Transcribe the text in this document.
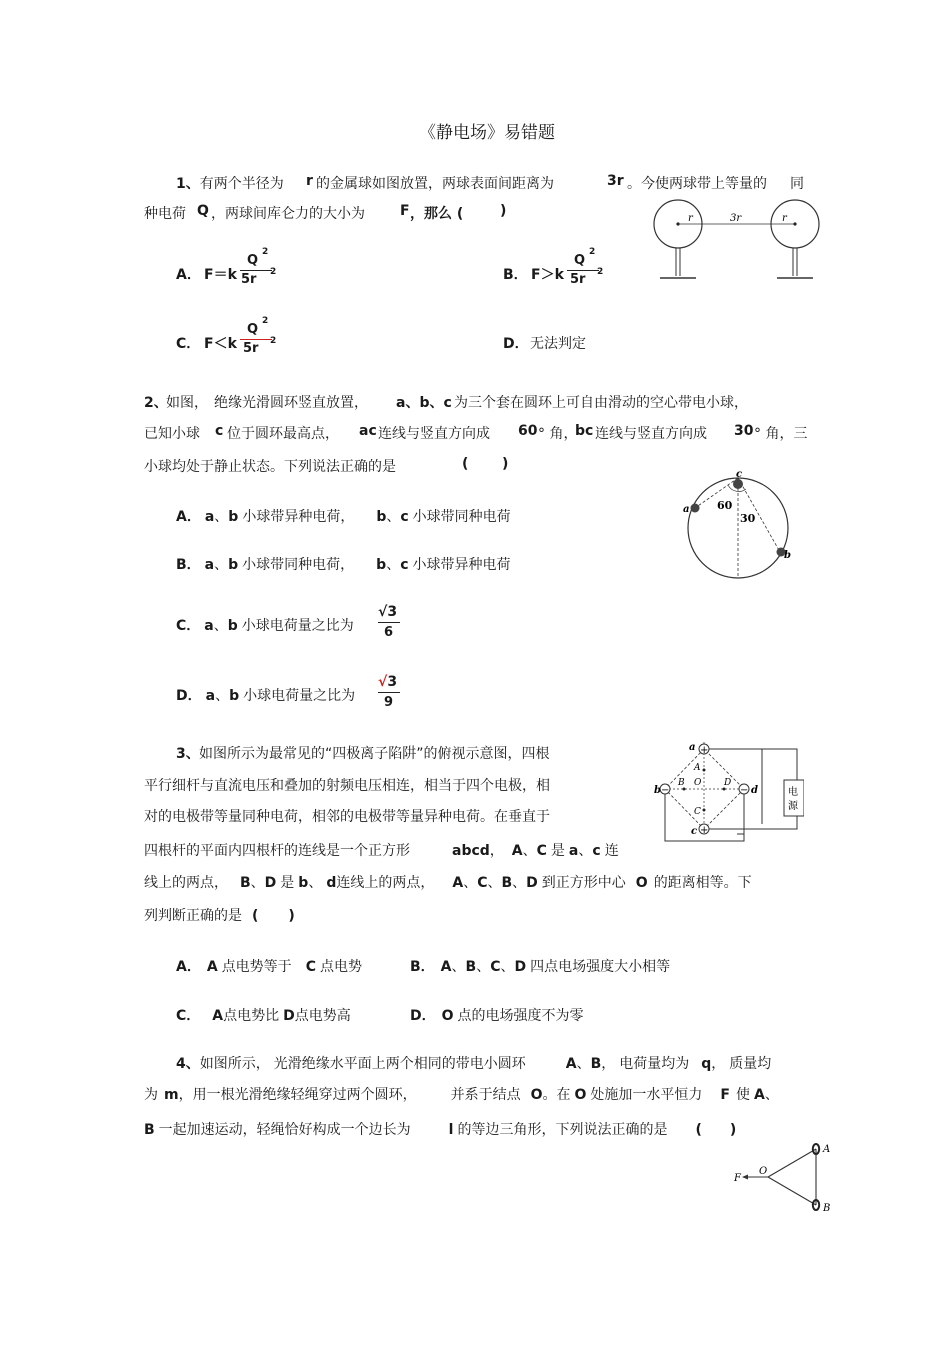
《静电场》易错题
1、有两个半径为 r 的金属球如图放置，两球表面间距离为	3r 。今使两球带上等量的 同
种电荷 Q ，两球间库仑力的大小为	F ，那么 (	)
A． F＝k
Q
2
5r 2	B． F＞k
Q
2
5r 2
C． F＜k
Q
2
5r 2	D． 无法判定
r	r
3r
2、
如图， 绝缘光滑圆环竖直放置， a、b、c 为三个套在圆环上可自由滑动的空心带电小球，
已知小球 c 位于圆环最高点， ac 连线与竖直方向成 60 ° 角，
bc 连线与竖直方向成 30 ° 角，三
小球均处于静止状态。下列说法正确的是	( )
A． a、b 小球带异种电荷， b、c 小球带同种电荷
B． a、b 小球带同种电荷， b、c 小球带异种电荷
C． a、b 小球电荷量之比为
√3
6
D． a、b 小球电荷量之比为
√3
9
c
a
b
60
30
3、 如图所示为最常见的“四极离子陷阱”的俯视示意图，四根
平行细杆与直流电压和叠加的射频电压相连，相当于四个电极，相
对的电极带等量同种电荷，相邻的电极带等量异种电荷。在垂直于
四根杆的平面内四根杆的连线是一个正方形	abcd， A、C 是 a、c 连
线上的两点， B、D 是 b、 d连线上的两点， A、C、B、D 到正方形中心 O 的距离相等。下
列判断正确的是 ( )
A． A 点电势等于 C 点电势	B． A、B、C、D 四点电场强度大小相等
C． A点电势比 D点电势高	D． O 点的电场强度不为零
电
源
+
+
−	−
a
b
c
d
A
B
C
D
O
4、如图所示， 光滑绝缘水平面上两个相同的带电小圆环	A、B， 电荷量均为 q， 质量均
为 m，用一根光滑绝缘轻绳穿过两个圆环， 并系于结点 O。在 O 处施加一水平恒力 F 使 A、
B 一起加速运动，轻绳恰好构成一个边长为	l 的等边三角形，下列说法正确的是 ( )
F
O
A
B
